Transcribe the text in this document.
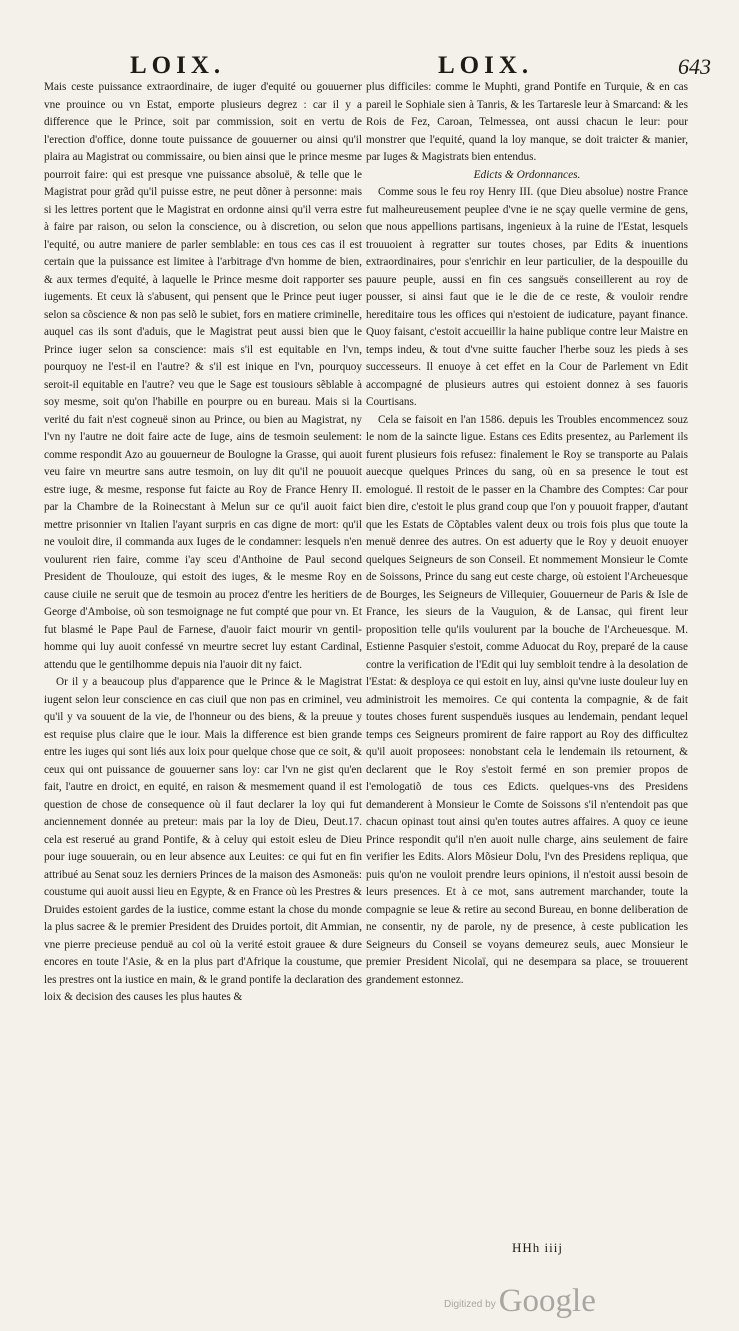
LOIX.	LOIX.	643

Mais ceste puissance extraordinaire, de iuger d'equité ou gouuerner vne prouince ou vn Estat, emporte plusieurs degrez : car il y a difference que le Prince, soit par commission, soit en vertu de l'erection d'office, donne toute puissance de gouuerner ou ainsi qu'il plaira au Magistrat ou commissaire, ou bien ainsi que le prince mesme pourroit faire: qui est presque vne puissance absoluë, & telle que le Magistrat pour grãd qu'il puisse estre, ne peut dõner à personne: mais si les lettres portent que le Magistrat en ordonne ainsi qu'il verra estre à faire par raison, ou selon la conscience, ou à discretion, ou selon l'equité, ou autre maniere de parler semblable: en tous ces cas il est certain que la puissance est limitee à l'arbitrage d'vn homme de bien, & aux termes d'equité, à laquelle le Prince mesme doit rapporter ses iugements. Et ceux là s'abusent, qui pensent que le Prince peut iuger selon sa cõscience & non pas selõ le subiet, fors en matiere criminelle, auquel cas ils sont d'aduis, que le Magistrat peut aussi bien que le Prince iuger selon sa conscience: mais s'il est equitable en l'vn, pourquoy ne l'est-il en l'autre? & s'il est inique en l'vn, pourquoy seroit-il equitable en l'autre? veu que le Sage est tousiours sẽblable à soy mesme, soit qu'on l'habille en pourpre ou en bureau. Mais si la verité du fait n'est cogneuë sinon au Prince, ou bien au Magistrat, ny l'vn ny l'autre ne doit faire acte de Iuge, ains de tesmoin seulement: comme respondit Azo au gouuerneur de Boulogne la Grasse, qui auoit veu faire vn meurtre sans autre tesmoin, on luy dit qu'il ne pouuoit estre iuge, & mesme, response fut faicte au Roy de France Henry II. par la Chambre de la Roinecstant à Melun sur ce qu'il auoit faict mettre prisonnier vn Italien l'ayant surpris en cas digne de mort: qu'il ne vouloit dire, il commanda aux Iuges de le condamner: lesquels n'en voulurent rien faire, comme i'ay sceu d'Anthoine de Paul second President de Thoulouze, qui estoit des iuges, & le mesme Roy en cause ciuile ne seruit que de tesmoin au procez d'entre les heritiers de George d'Amboise, où son tesmoignage ne fut compté que pour vn. Et fut blasmé le Pape Paul de Farnese, d'auoir faict mourir vn gentil-homme qui luy auoit confessé vn meurtre secret luy estant Cardinal, attendu que le gentilhomme depuis nia l'auoir dit ny faict.

Or il y a beaucoup plus d'apparence que le Prince & le Magistrat iugent selon leur conscience en cas ciuil que non pas en criminel, veu qu'il y va souuent de la vie, de l'honneur ou des biens, & la preuue y est requise plus claire que le iour. Mais la difference est bien grande entre les iuges qui sont liés aux loix pour quelque chose que ce soit, & ceux qui ont puissance de gouuerner sans loy: car l'vn ne gist qu'en fait, l'autre en droict, en equité, en raison & mesmement quand il est question de chose de consequence où il faut declarer la loy qui fut anciennement donnée au preteur: mais par la loy de Dieu, Deut.17. cela est reserué au grand Pontife, & à celuy qui estoit esleu de Dieu pour iuge souuerain, ou en leur absence aux Leuites: ce qui fut en fin attribué au Senat souz les derniers Princes de la maison des Asmoneäs: coustume qui auoit aussi lieu en Egypte, & en France où les Prestres & Druides estoient gardes de la iustice, comme estant la chose du monde la plus sacree & le premier President des Druides portoit, dit Ammian, vne pierre precieuse penduë au col où la verité estoit grauee & dure encores en toute l'Asie, & en la plus part d'Afrique la coustume, que les prestres ont la iustice en main, & le grand pontife la declaration des loix & decision des causes les plus hautes &

plus difficiles: comme le Muphti, grand Pontife en Turquie, & en cas pareil le Sophiale sien à Tanris, & les Tartaresle leur à Smarcand: & les Rois de Fez, Caroan, Telmessea, ont aussi chacun le leur: pour monstrer que l'equité, quand la loy manque, se doit traicter & manier, par Iuges & Magistrats bien entendus.

Edicts & Ordonnances.

Comme sous le feu roy Henry III. (que Dieu absolue) nostre France fut malheureusement peuplee d'vne ie ne sçay quelle vermine de gens, que nous appellions partisans, ingenieux à la ruine de l'Estat, lesquels trouuoient à regratter sur toutes choses, par Edits & inuentions extraordinaires, pour s'enrichir en leur particulier, de la despouille du pauure peuple, aussi en fin ces sangsuës conseillerent au roy de pousser, si ainsi faut que ie le die de ce reste, & vouloir rendre hereditaire tous les offices qui n'estoient de iudicature, payant finance. Quoy faisant, c'estoit accueillir la haine publique contre leur Maistre en temps indeu, & tout d'vne suitte faucher l'herbe souz les pieds à ses successeurs. Il enuoye à cet effet en la Cour de Parlement vn Edit accompagné de plusieurs autres qui estoient donnez à ses fauoris Courtisans.

Cela se faisoit en l'an 1586. depuis les Troubles encommencez souz le nom de la saincte ligue. Estans ces Edits presentez, au Parlement ils furent plusieurs fois refusez: finalement le Roy se transporte au Palais auecque quelques Princes du sang, où en sa presence le tout est emologué. Il restoit de le passer en la Chambre des Comptes: Car pour bien dire, c'estoit le plus grand coup que l'on y pouuoit frapper, d'autant que les Estats de Cõptables valent deux ou trois fois plus que toute la menuë denree des autres. On est aduerty que le Roy y deuoit enuoyer quelques Seigneurs de son Conseil. Et nommement Monsieur le Comte de Soissons, Prince du sang eut ceste charge, où estoient l'Archeuesque de Bourges, les Seigneurs de Villequier, Gouuerneur de Paris & Isle de France, les sieurs de la Vauguion, & de Lansac, qui firent leur proposition telle qu'ils voulurent par la bouche de l'Archeuesque. M. Estienne Pasquier s'estoit, comme Aduocat du Roy, preparé de la cause contre la verification de l'Edit qui luy sembloit tendre à la desolation de l'Estat: & desploya ce qui estoit en luy, ainsi qu'vne iuste douleur luy en administroit les memoires. Ce qui contenta la compagnie, & de fait toutes choses furent suspenduës iusques au lendemain, pendant lequel temps ces Seigneurs promirent de faire rapport au Roy des difficultez qu'il auoit proposees: nonobstant cela le lendemain ils retournent, & declarent que le Roy s'estoit fermé en son premier propos de l'emologatiõ de tous ces Edicts. quelques-vns des Presidens demanderent à Monsieur le Comte de Soissons s'il n'entendoit pas que chacun opinast tout ainsi qu'en toutes autres affaires. A quoy ce ieune Prince respondit qu'il n'en auoit nulle charge, ains seulement de faire verifier les Edits. Alors Mõsieur Dolu, l'vn des Presidens repliqua, que puis qu'on ne vouloit prendre leurs opinions, il n'estoit aussi besoin de leurs presences. Et à ce mot, sans autrement marchander, toute la compagnie se leue & retire au second Bureau, en bonne deliberation de ne consentir, ny de parole, ny de presence, à ceste publication les Seigneurs du Conseil se voyans demeurez seuls, auec Monsieur le premier President Nicolaï, qui ne desempara sa place, se trouuerent grandement estonnez.

HHh iiij
$^{Digitized by}$Google
